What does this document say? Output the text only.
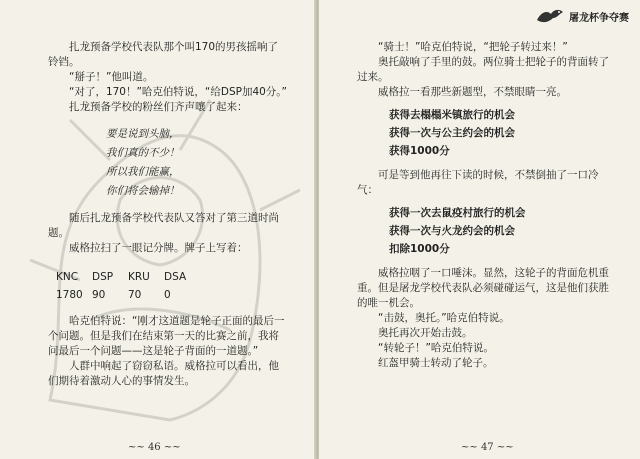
扎龙预备学校代表队那个叫170的男孩摇响了铃铛。

“掰子！”他叫道。

“对了，170！”哈克伯特说，“给DSP加40分。”

扎龙预备学校的粉丝们齐声嚷了起来：

要是说到头脑，
我们真的不少！
所以我们能赢，
你们将会输掉！

随后扎龙预备学校代表队又答对了第三道时尚题。

威格拉扫了一眼记分牌。牌子上写着：

KNC	DSP	KRU	DSA
1780 90	70	0

哈克伯特说：“刚才这道题是轮子正面的最后一个问题。但是我们在结束第一天的比赛之前，我将问最后一个问题——这是轮子背面的一道题。”

人群中响起了窃窃私语。威格拉可以看出，他们期待着激动人心的事情发生。

~~ 46 ~~
屠龙杯争夺赛

“骑士！”哈克伯特说，“把轮子转过来！”

奥托敲响了手里的鼓。两位骑士把轮子的背面转了过来。

威格拉一看那些新题型，不禁眼睛一亮。

获得去榻榻米镇旅行的机会
获得一次与公主约会的机会
获得1000分

可是等到他再往下读的时候，不禁倒抽了一口冷气：

获得一次去鼠疫村旅行的机会
获得一次与火龙约会的机会
扣除1000分

威格拉咽了一口唾沫。显然，这轮子的背面危机重重。但是屠龙学校代表队必须碰碰运气，这是他们获胜的唯一机会。

“击鼓，奥托。”哈克伯特说。

奥托再次开始击鼓。

“转轮子！”哈克伯特说。

红盔甲骑士转动了轮子。

~~ 47 ~~
